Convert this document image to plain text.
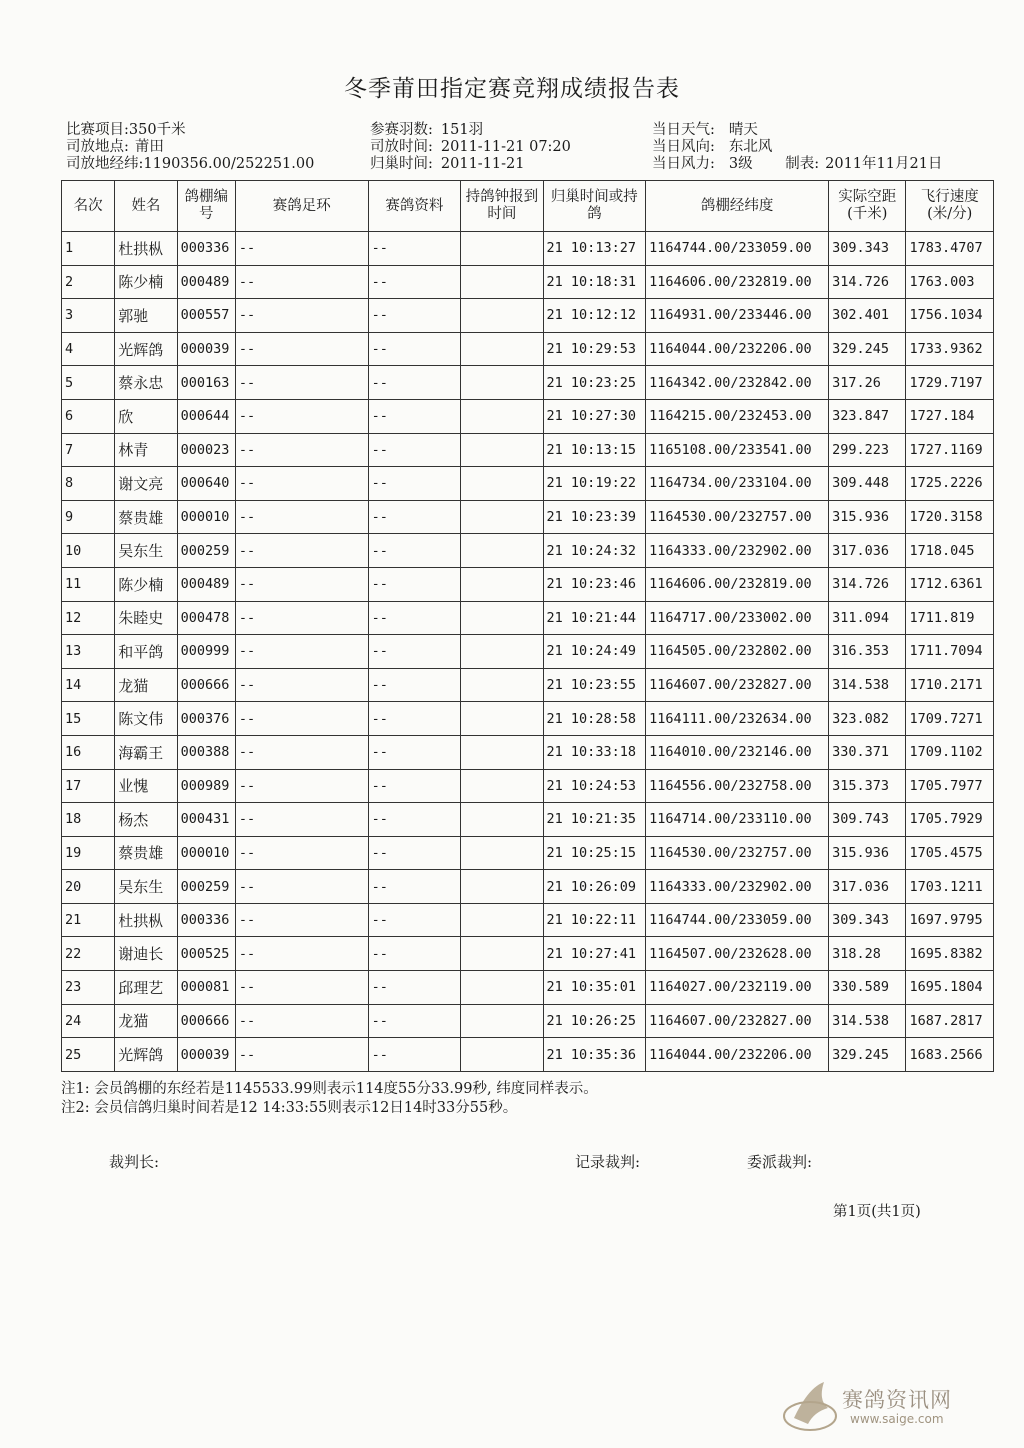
冬季莆田指定赛竞翔成绩报告表
比赛项目:350千米
司放地点: 莆田
司放地经纬:1190356.00/252251.00
参赛羽数: 151羽
司放时间: 2011-11-21 07:20
归巢时间: 2011-11-21
当日天气: 晴天
当日风向: 东北风
当日风力: 3级 制表: 2011年11月21日
名次	姓名	鸽棚编号	赛鸽足环	赛鸽资料	持鸽钟报到时间	归巢时间或持鸽	鸽棚经纬度	实际空距(千米)	飞行速度(米/分)
1	杜拱枞	000336	--	--		21 10:13:27	1164744.00/233059.00	309.343	1783.4707
2	陈少楠	000489	--	--		21 10:18:31	1164606.00/232819.00	314.726	1763.003
3	郭驰	000557	--	--		21 10:12:12	1164931.00/233446.00	302.401	1756.1034
4	光辉鸽	000039	--	--		21 10:29:53	1164044.00/232206.00	329.245	1733.9362
5	蔡永忠	000163	--	--		21 10:23:25	1164342.00/232842.00	317.26	1729.7197
6	欣	000644	--	--		21 10:27:30	1164215.00/232453.00	323.847	1727.184
7	林青	000023	--	--		21 10:13:15	1165108.00/233541.00	299.223	1727.1169
8	谢文亮	000640	--	--		21 10:19:22	1164734.00/233104.00	309.448	1725.2226
9	蔡贵雄	000010	--	--		21 10:23:39	1164530.00/232757.00	315.936	1720.3158
10	吴东生	000259	--	--		21 10:24:32	1164333.00/232902.00	317.036	1718.045
11	陈少楠	000489	--	--		21 10:23:46	1164606.00/232819.00	314.726	1712.6361
12	朱睦史	000478	--	--		21 10:21:44	1164717.00/233002.00	311.094	1711.819
13	和平鸽	000999	--	--		21 10:24:49	1164505.00/232802.00	316.353	1711.7094
14	龙猫	000666	--	--		21 10:23:55	1164607.00/232827.00	314.538	1710.2171
15	陈文伟	000376	--	--		21 10:28:58	1164111.00/232634.00	323.082	1709.7271
16	海霸王	000388	--	--		21 10:33:18	1164010.00/232146.00	330.371	1709.1102
17	业愧	000989	--	--		21 10:24:53	1164556.00/232758.00	315.373	1705.7977
18	杨杰	000431	--	--		21 10:21:35	1164714.00/233110.00	309.743	1705.7929
19	蔡贵雄	000010	--	--		21 10:25:15	1164530.00/232757.00	315.936	1705.4575
20	吴东生	000259	--	--		21 10:26:09	1164333.00/232902.00	317.036	1703.1211
21	杜拱枞	000336	--	--		21 10:22:11	1164744.00/233059.00	309.343	1697.9795
22	谢迪长	000525	--	--		21 10:27:41	1164507.00/232628.00	318.28	1695.8382
23	邱理艺	000081	--	--		21 10:35:01	1164027.00/232119.00	330.589	1695.1804
24	龙猫	000666	--	--		21 10:26:25	1164607.00/232827.00	314.538	1687.2817
25	光辉鸽	000039	--	--		21 10:35:36	1164044.00/232206.00	329.245	1683.2566
注1: 会员鸽棚的东经若是1145533.99则表示114度55分33.99秒, 纬度同样表示。
注2: 会员信鸽归巢时间若是12 14:33:55则表示12日14时33分55秒。
裁判长:	记录裁判:	委派裁判:
第1页(共1页)
赛鸽资讯网
www.saige.com
